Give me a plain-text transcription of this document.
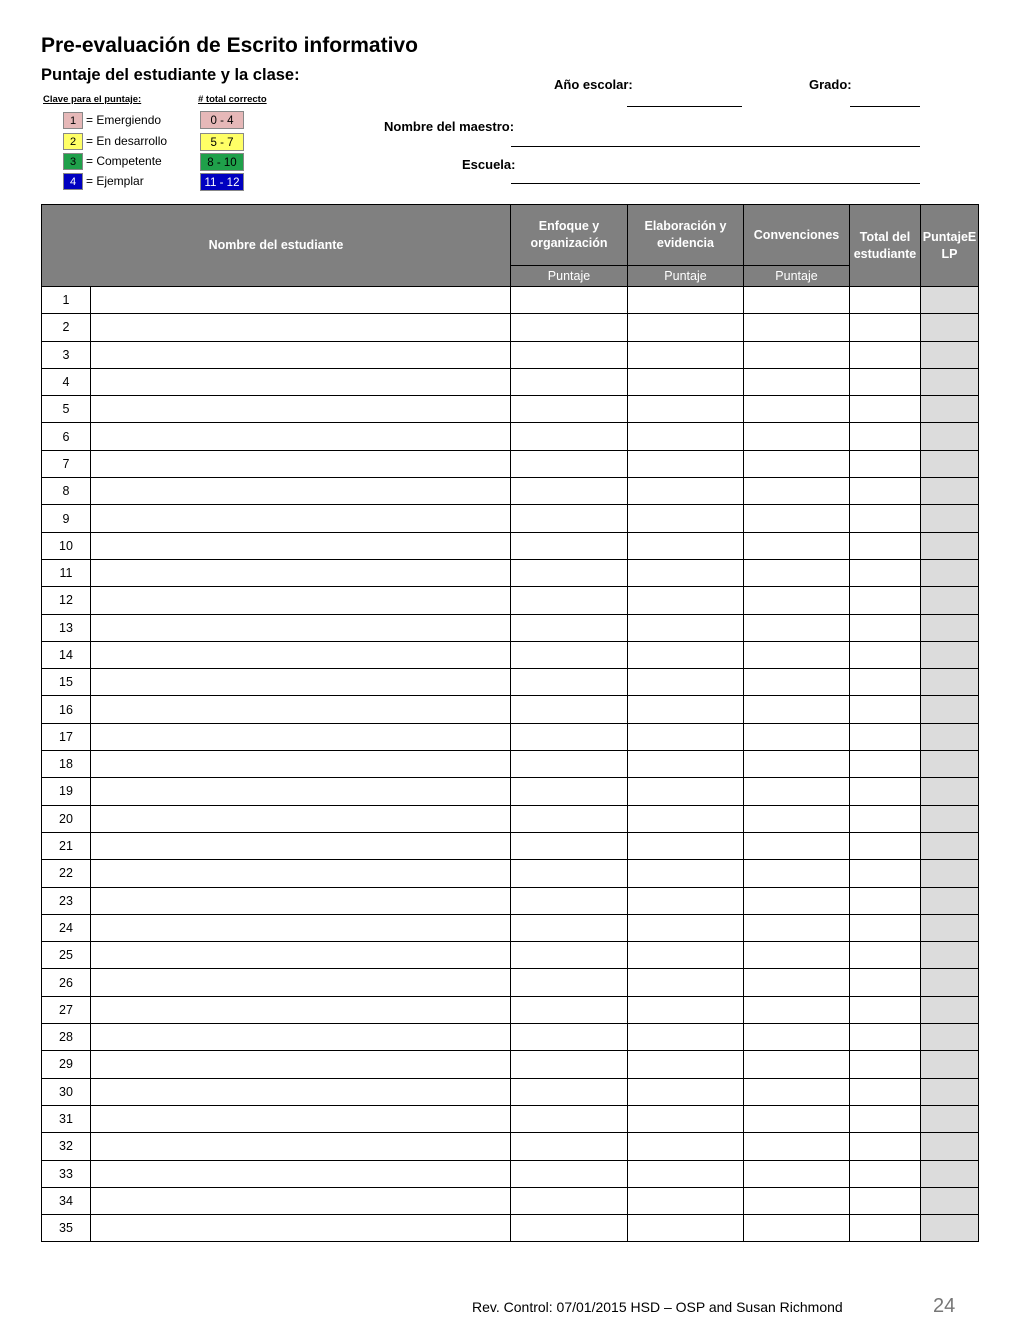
Pre-evaluación de Escrito informativo
Puntaje del estudiante y la clase:
Clave para el puntaje:	# total correcto
1 = Emergiendo	0 - 4
2 = En desarrollo	5 - 7
3 = Competente	8 - 10
4 = Ejemplar	11 - 12
Año escolar:	Grado:
Nombre del maestro:
Escuela:
Nombre del estudiante		Enfoque y organización	Elaboración y evidencia	Convenciones	Total del estudiante	PuntajeE LP
		Puntaje	Puntaje	Puntaje		
1						
2						
3						
4						
5						
6						
7						
8						
9						
10						
11						
12						
13						
14						
15						
16						
17						
18						
19						
20						
21						
22						
23						
24						
25						
26						
27						
28						
29						
30						
31						
32						
33						
34						
35						
Rev. Control: 07/01/2015 HSD – OSP and Susan Richmond	24
